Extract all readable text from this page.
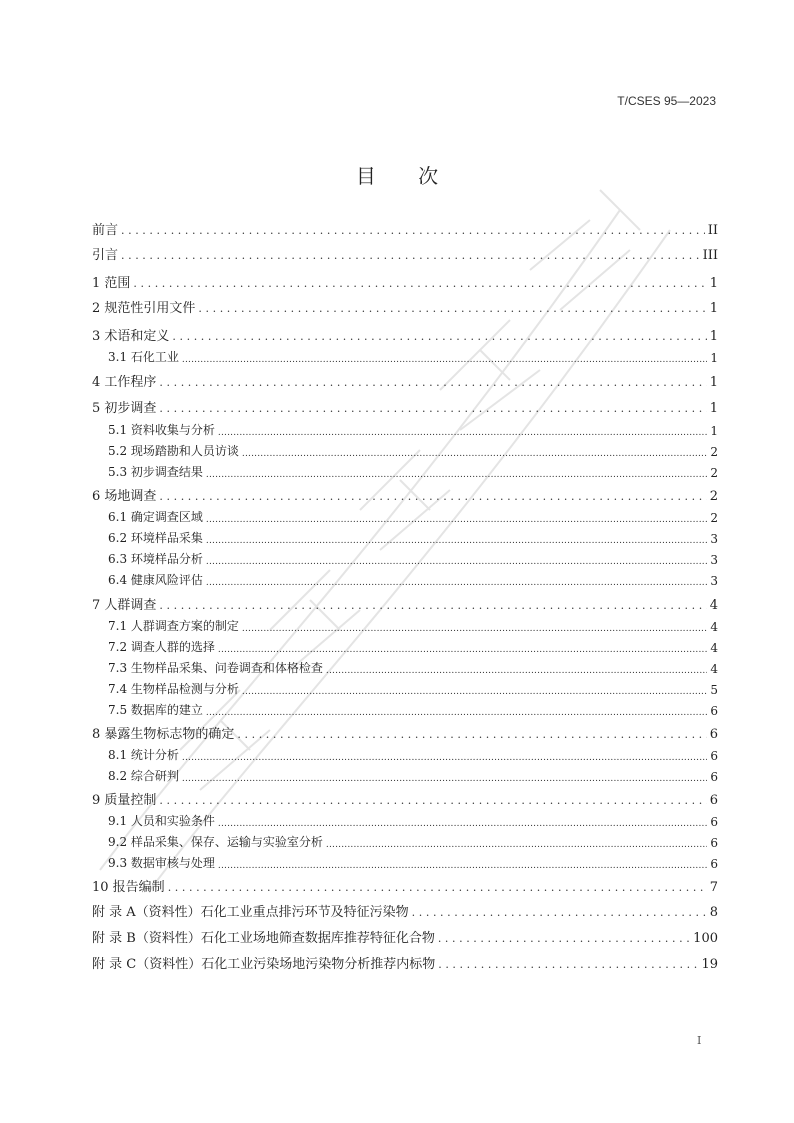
T/CSES 95—2023
目 次
前言 .....	II
引言 .....	III
1 范围 .....	1
2 规范性引用文件 .....	1
3 术语和定义 .....	1
3.1 石化工业 .....	1
4 工作程序 .....	1
5 初步调查 .....	1
5.1 资料收集与分析 .....	1
5.2 现场踏勘和人员访谈 .....	2
5.3 初步调查结果 .....	2
6 场地调查 .....	2
6.1 确定调查区域 .....	2
6.2 环境样品采集 .....	3
6.3 环境样品分析 .....	3
6.4 健康风险评估 .....	3
7 人群调查 .....	4
7.1 人群调查方案的制定 .....	4
7.2 调查人群的选择 .....	4
7.3 生物样品采集、问卷调查和体格检查 .....	4
7.4 生物样品检测与分析 .....	5
7.5 数据库的建立 .....	6
8 暴露生物标志物的确定 .....	6
8.1 统计分析 .....	6
8.2 综合研判 .....	6
9 质量控制 .....	6
9.1 人员和实验条件 .....	6
9.2 样品采集、保存、运输与实验室分析 .....	6
9.3 数据审核与处理 .....	6
10 报告编制 .....	7
附 录 A（资料性）石化工业重点排污环节及特征污染物 .....	8
附 录 B（资料性）石化工业场地筛查数据库推荐特征化合物 .....	100
附 录 C（资料性）石化工业污染场地污染物分析推荐内标物 .....	19
I
